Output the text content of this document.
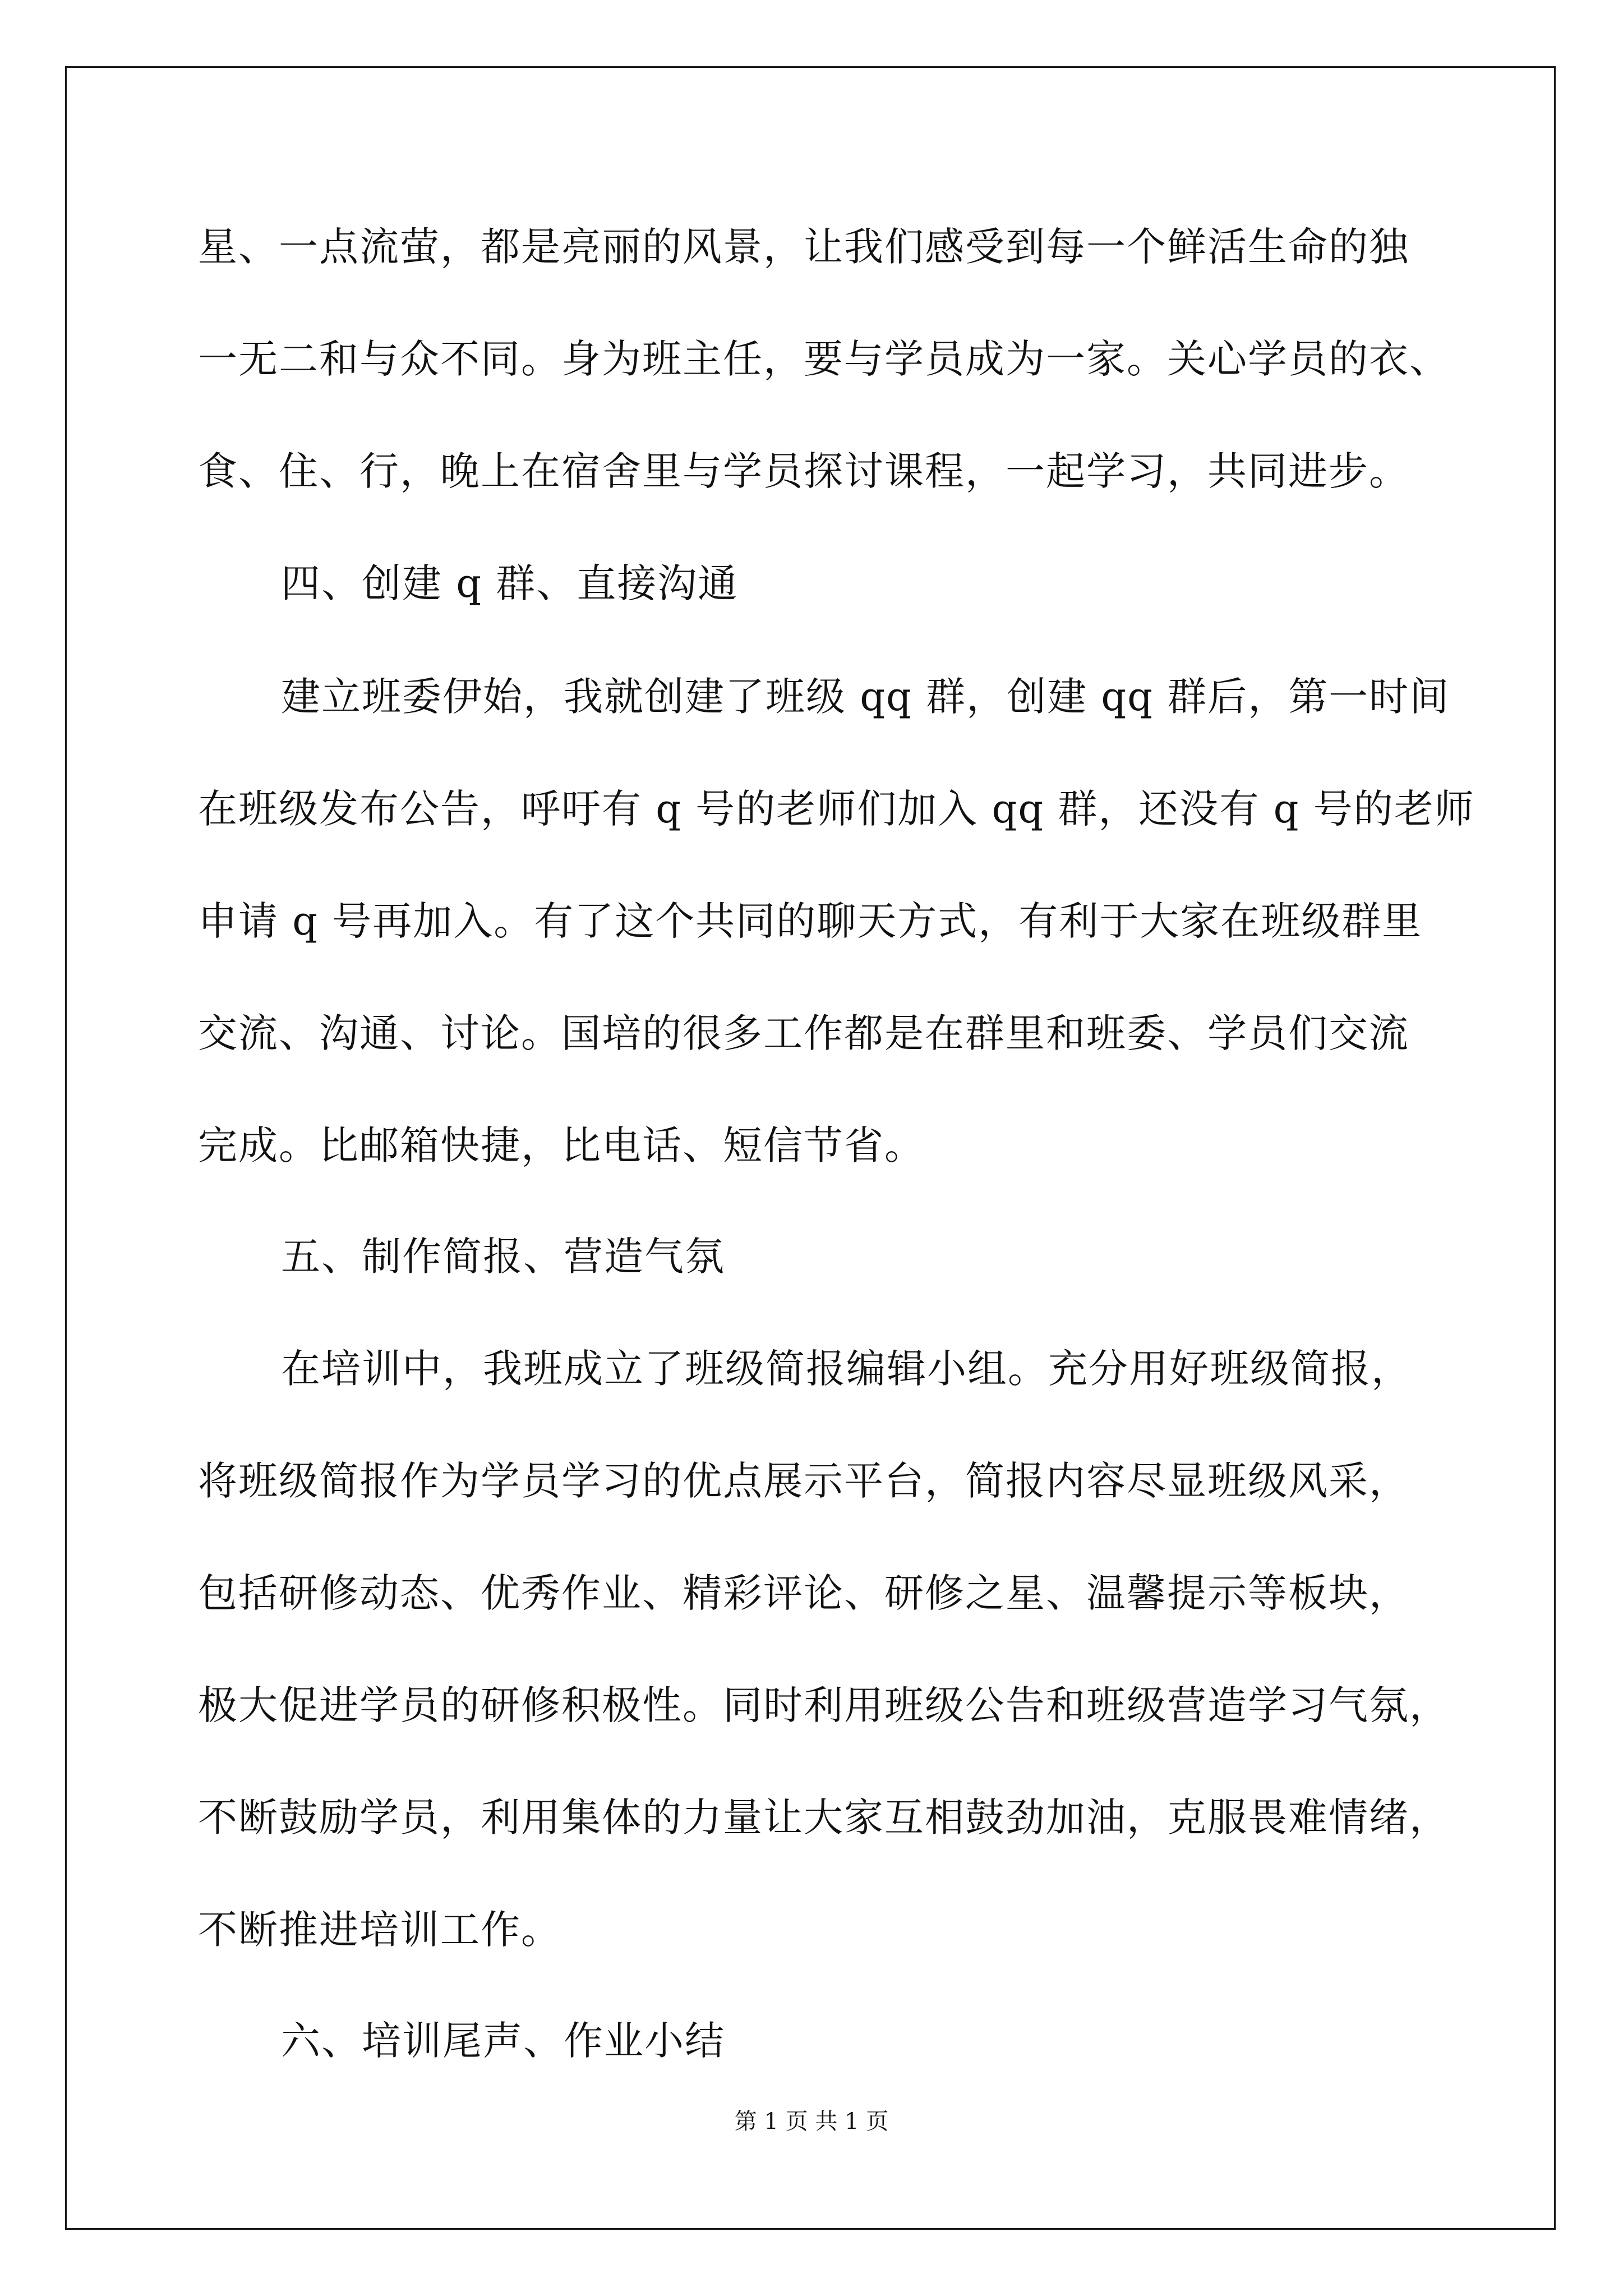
星、一点流萤，都是亮丽的风景，让我们感受到每一个鲜活生命的独
一无二和与众不同。身为班主任，要与学员成为一家。关心学员的衣、
食、住、行，晚上在宿舍里与学员探讨课程，一起学习，共同进步。
四、创建 q 群、直接沟通
建立班委伊始，我就创建了班级 qq 群，创建 qq 群后，第一时间
在班级发布公告，呼吁有 q 号的老师们加入 qq 群，还没有 q 号的老师
申请 q 号再加入。有了这个共同的聊天方式，有利于大家在班级群里
交流、沟通、讨论。国培的很多工作都是在群里和班委、学员们交流
完成。比邮箱快捷，比电话、短信节省。
五、制作简报、营造气氛
在培训中，我班成立了班级简报编辑小组。充分用好班级简报，
将班级简报作为学员学习的优点展示平台，简报内容尽显班级风采，
包括研修动态、优秀作业、精彩评论、研修之星、温馨提示等板块，
极大促进学员的研修积极性。同时利用班级公告和班级营造学习气氛，
不断鼓励学员，利用集体的力量让大家互相鼓劲加油，克服畏难情绪，
不断推进培训工作。
六、培训尾声、作业小结
第 1 页 共 1 页
